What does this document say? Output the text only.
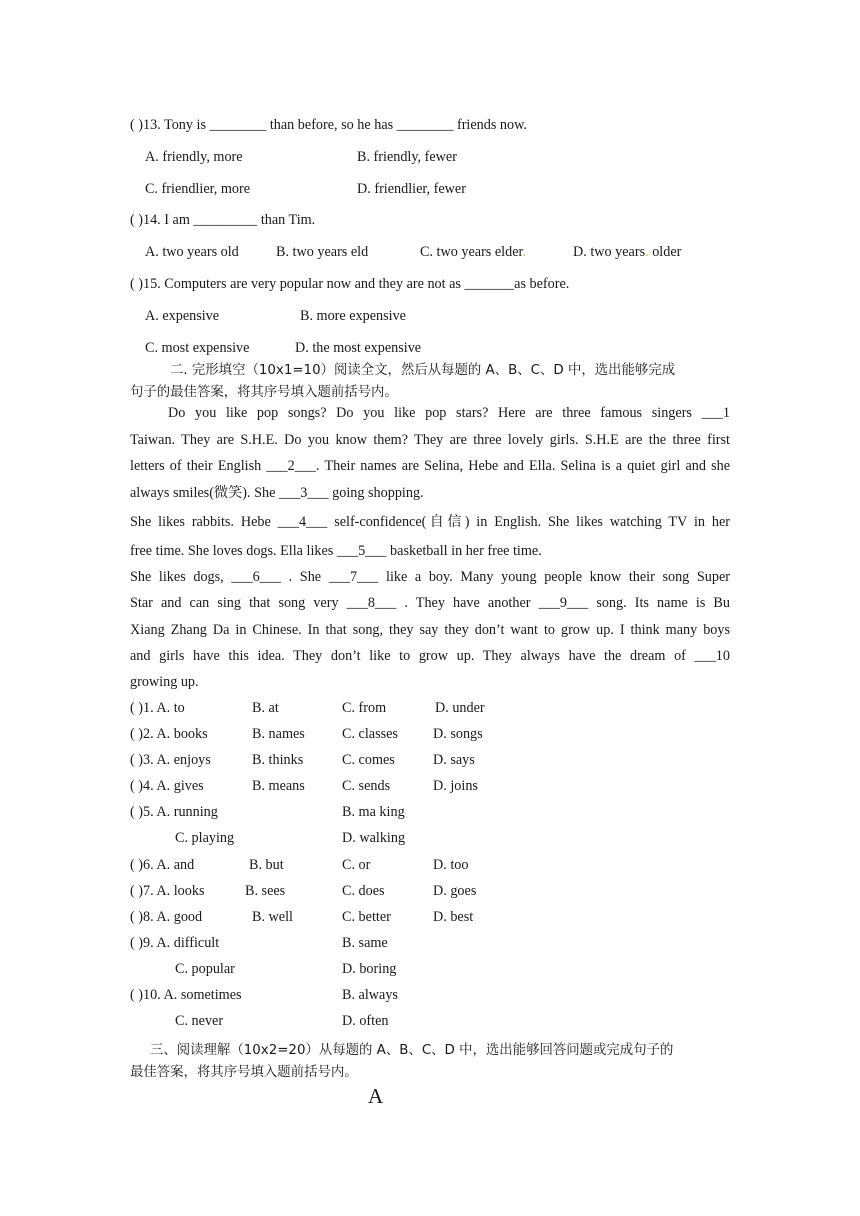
( )13. Tony is ________ than before, so he has ________ friends now.
A. friendly, more	B. friendly, fewer
C. friendlier, more	D. friendlier, fewer
( )14. I am _________ than Tim.
A. two years old	B. two years eld	C. two years elder.	D. two years. older
( )15. Computers are very popular now and they are not as _______as before.
A. expensive	B. more expensive
C. most expensive	D. the most expensive
二. 完形填空（10x1=10）阅读全文，然后从每题的 A、B、C、D 中，选出能够完成
句子的最佳答案，将其序号填入题前括号内。
Do you like pop songs? Do you like pop stars? Here are three famous singers ___1
Taiwan. They are S.H.E. Do you know them? They are three lovely girls. S.H.E are the three first
letters of their English ___2___. Their names are Selina, Hebe and Ella. Selina is a quiet girl and she
always smiles(微笑). She ___3___ going shopping.
She likes rabbits. Hebe ___4___ self-confidence(自信) in English. She likes watching TV in her
free time. She loves dogs. Ella likes ___5___ basketball in her free time.
She likes dogs, ___6___ . She ___7___ like a boy. Many young people know their song Super
Star and can sing that song very ___8___ . They have another ___9___ song. Its name is Bu
Xiang Zhang Da in Chinese. In that song, they say they don’t want to grow up. I think many boys
and girls have this idea. They don’t like to grow up. They always have the dream of ___10
growing up.
( )1. A. to	B. at	C. from	D. under
( )2. A. books	B. names	C. classes D. songs
( )3. A. enjoys	B. thinks	C. comes	D. says
( )4. A. gives	B. means	C. sends	D. joins
( )5. A. running	B. ma king
C. playing	D. walking
( )6. A. and	B. but	C. or	D. too
( )7. A. looks	B. sees	C. does	D. goes
( )8. A. good	B. well	C. better	D. best
( )9. A. difficult	B. same
C. popular	D. boring
( )10. A. sometimes	B. always
C. never	D. often
三、阅读理解（10x2=20）从每题的 A、B、C、D 中，选出能够回答问题或完成句子的
最佳答案，将其序号填入题前括号内。
A
